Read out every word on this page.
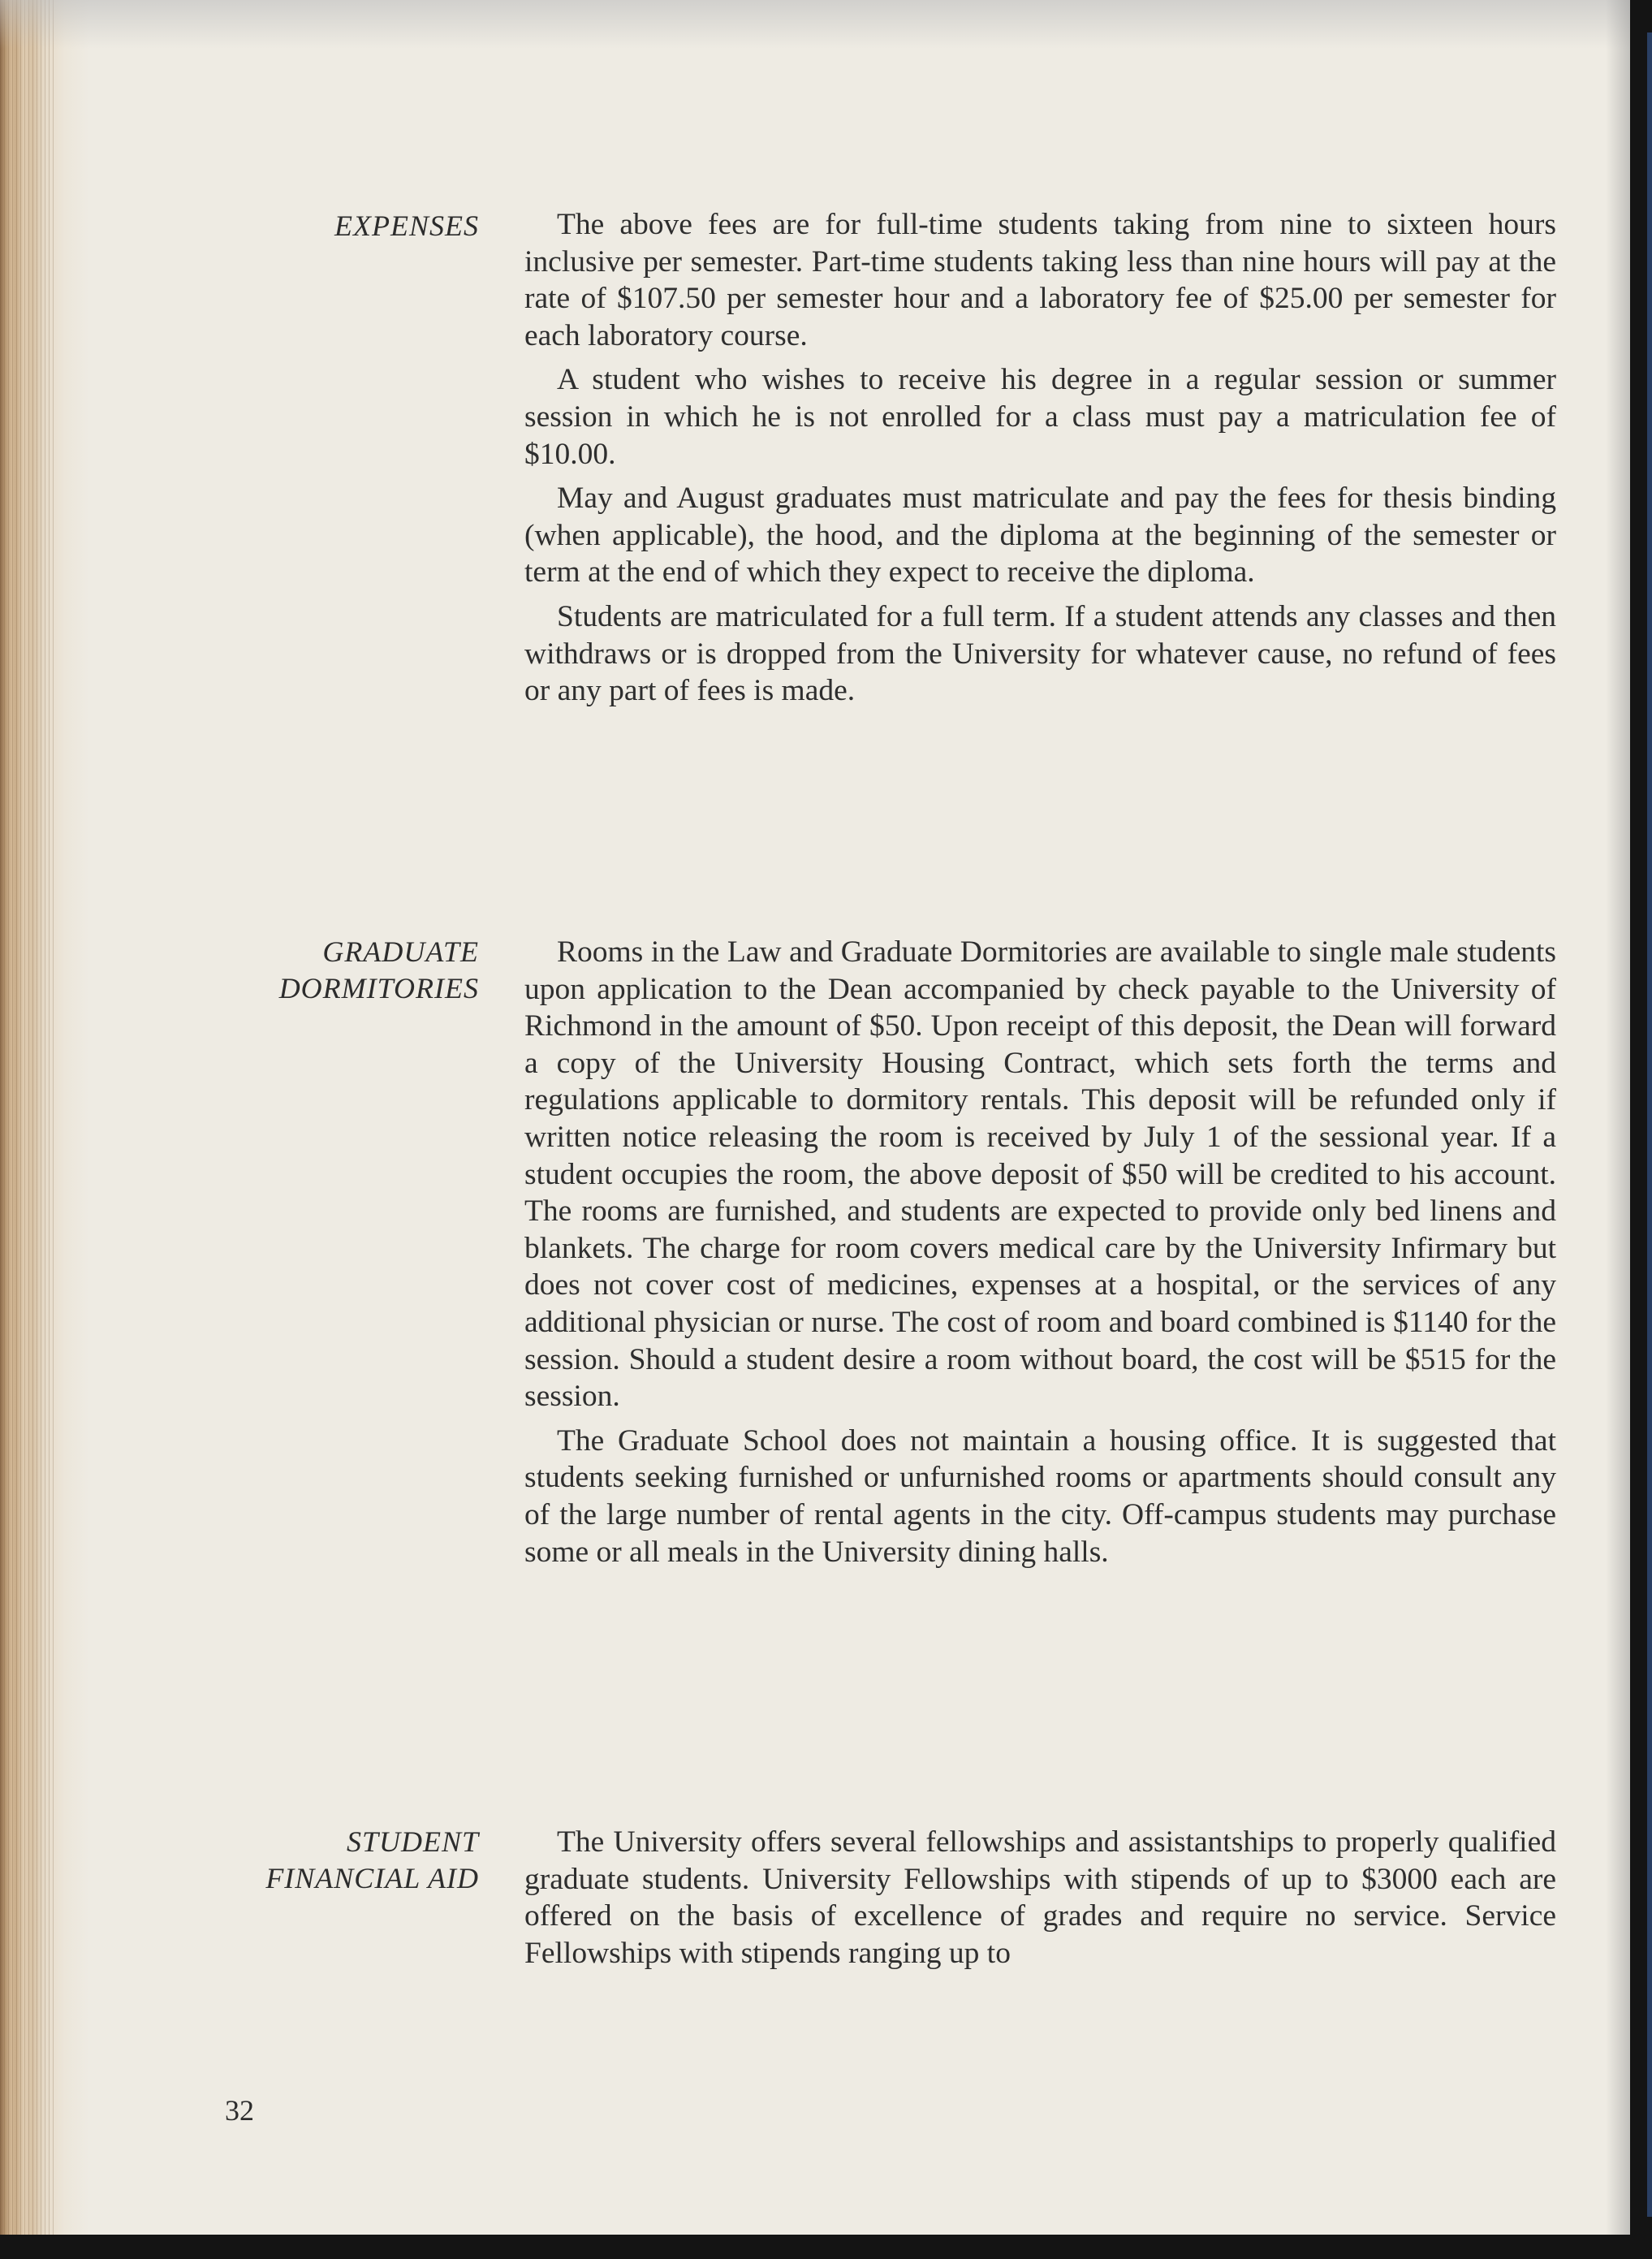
EXPENSES	The above fees are for full-time students taking from nine to sixteen hours inclusive per semester. Part-time students taking less than nine hours will pay at the rate of $107.50 per semester hour and a laboratory fee of $25.00 per semester for each laboratory course.

A student who wishes to receive his degree in a regular session or summer session in which he is not enrolled for a class must pay a matriculation fee of $10.00.

May and August graduates must matriculate and pay the fees for thesis binding (when applicable), the hood, and the diploma at the beginning of the semester or term at the end of which they expect to receive the diploma.

Students are matriculated for a full term. If a student attends any classes and then withdraws or is dropped from the University for whatever cause, no refund of fees or any part of fees is made.

GRADUATE
DORMITORIES

Rooms in the Law and Graduate Dormitories are available to single male students upon application to the Dean accompanied by check payable to the University of Richmond in the amount of $50. Upon receipt of this deposit, the Dean will forward a copy of the University Housing Contract, which sets forth the terms and regulations applicable to dormitory rentals. This deposit will be refunded only if written notice releasing the room is received by July 1 of the sessional year. If a student occupies the room, the above deposit of $50 will be credited to his account. The rooms are furnished, and students are expected to provide only bed linens and blankets. The charge for room covers medical care by the University Infirmary but does not cover cost of medicines, expenses at a hospital, or the services of any additional physician or nurse. The cost of room and board combined is $1140 for the session. Should a student desire a room without board, the cost will be $515 for the session.

The Graduate School does not maintain a housing office. It is suggested that students seeking furnished or unfurnished rooms or apartments should consult any of the large number of rental agents in the city. Off-campus students may purchase some or all meals in the University dining halls.

STUDENT
FINANCIAL AID

The University offers several fellowships and assistantships to properly qualified graduate students. University Fellowships with stipends of up to $3000 each are offered on the basis of excellence of grades and require no service. Service Fellowships with stipends ranging up to

32
